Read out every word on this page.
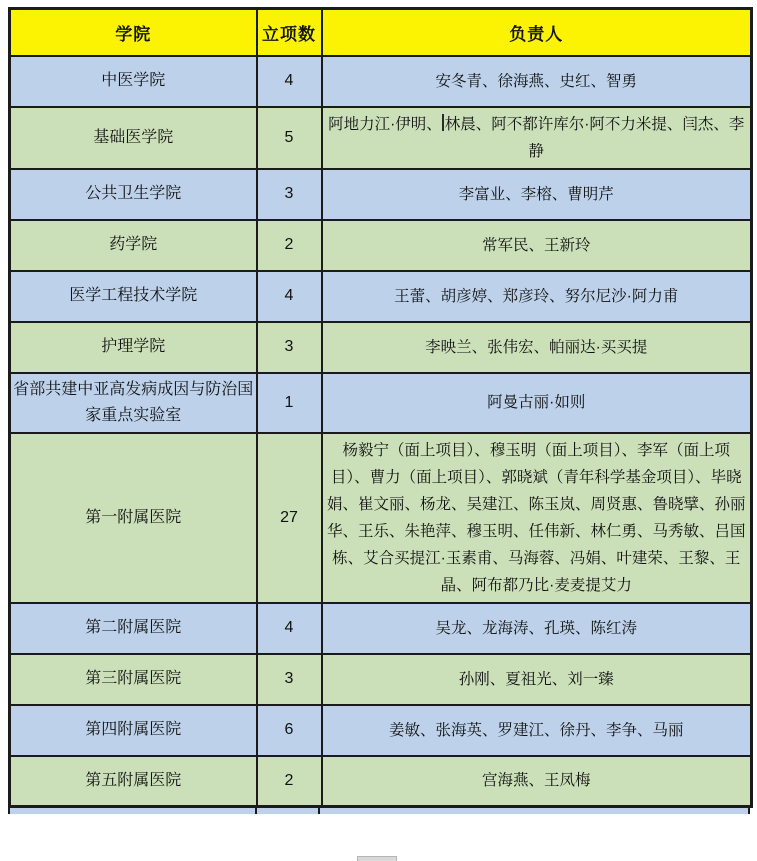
学院	立项数	负责人
中医学院	4	安冬青、徐海燕、史红、智勇
基础医学院	5	阿地力江·伊明、 林晨、阿不都许库尔·阿不力米提、闫杰、李静
公共卫生学院	3	李富业、李榕、曹明芹
药学院	2	常军民、王新玲
医学工程技术学院	4	王蕾、胡彦婷、郑彦玲、努尔尼沙·阿力甫
护理学院	3	李映兰、张伟宏、帕丽达·买买提
省部共建中亚高发病成因与防治国家重点实验室	1	阿曼古丽·如则
第一附属医院	27	杨毅宁（面上项目）、穆玉明（面上项目）、李军（面上项目）、曹力（面上项目）、郭晓斌（青年科学基金项目）、毕晓娟、崔文丽、杨龙、吴建江、陈玉岚、周贤惠、鲁晓擘、孙丽华、王乐、朱艳萍、穆玉明、任伟新、林仁勇、马秀敏、吕国栋、艾合买提江·玉素甫、马海蓉、冯娟、叶建荣、王黎、王晶、阿布都乃比·麦麦提艾力
第二附属医院	4	吴龙、龙海涛、孔瑛、陈红涛
第三附属医院	3	孙刚、夏祖光、刘一臻
第四附属医院	6	姜敏、张海英、罗建江、徐丹、李争、马丽
第五附属医院	2	宫海燕、王凤梅
